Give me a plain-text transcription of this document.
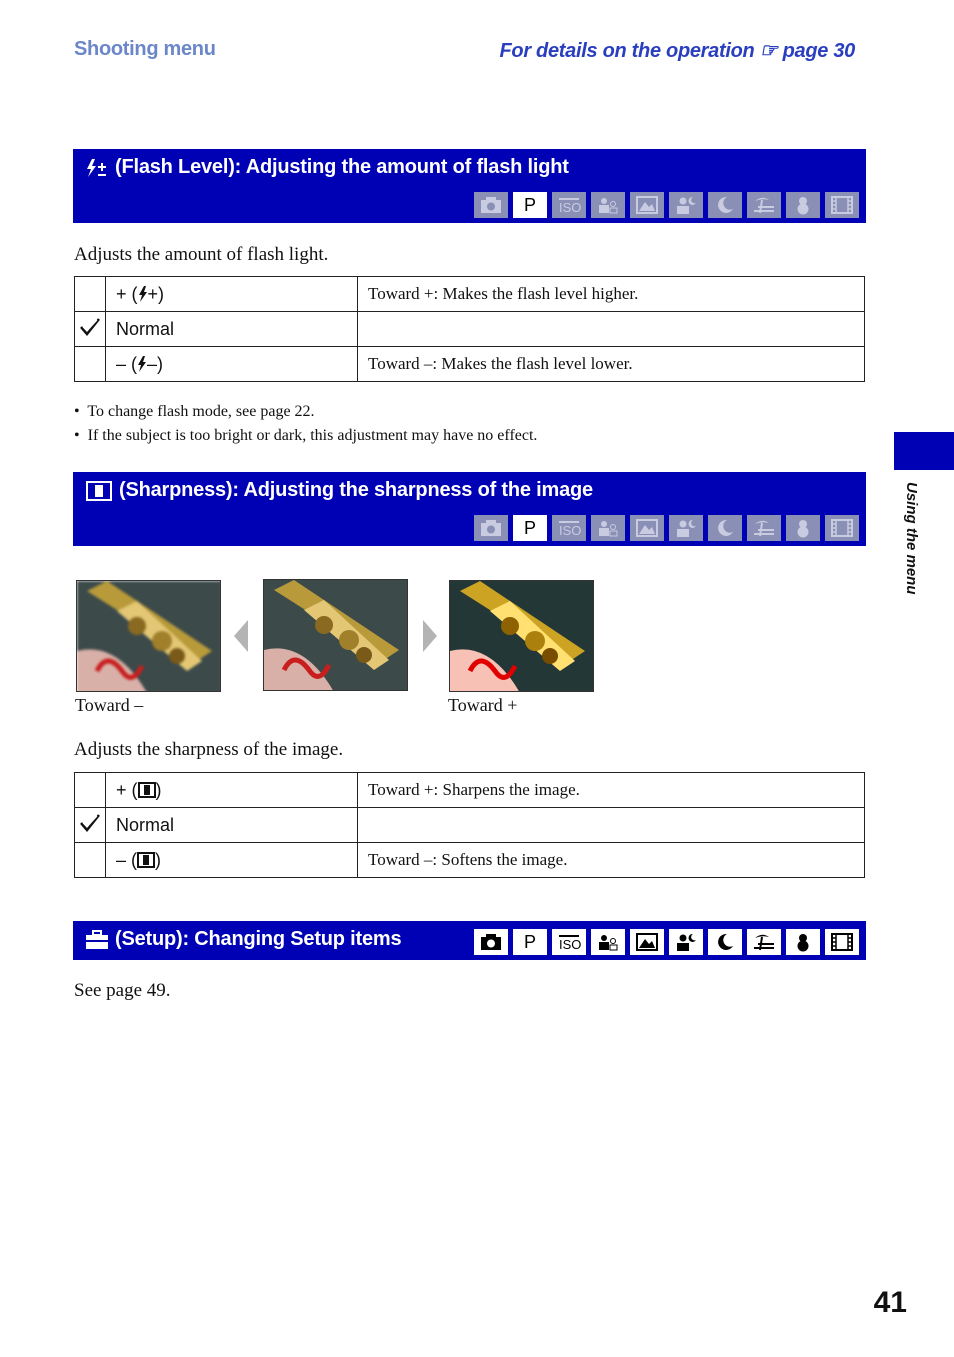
Shooting menu	For details on the operation ☞ page 30
(Flash Level): Adjusting the amount of flash light
P ISO
Adjusts the amount of flash light.
	+ ( +)	Toward +: Makes the flash level higher.
	Normal	
	– ( –)	Toward –: Makes the flash level lower.
•  To change flash mode, see page 22.
•  If the subject is too bright or dark, this adjustment may have no effect.
(Sharpness): Adjusting the sharpness of the image
P ISO
Toward –	Toward +
Adjusts the sharpness of the image.
	+ ( )	Toward +: Sharpens the image.
	Normal	
	– ( )	Toward –: Softens the image.
(Setup): Changing Setup items	P ISO
See page 49.
Using the menu
41
